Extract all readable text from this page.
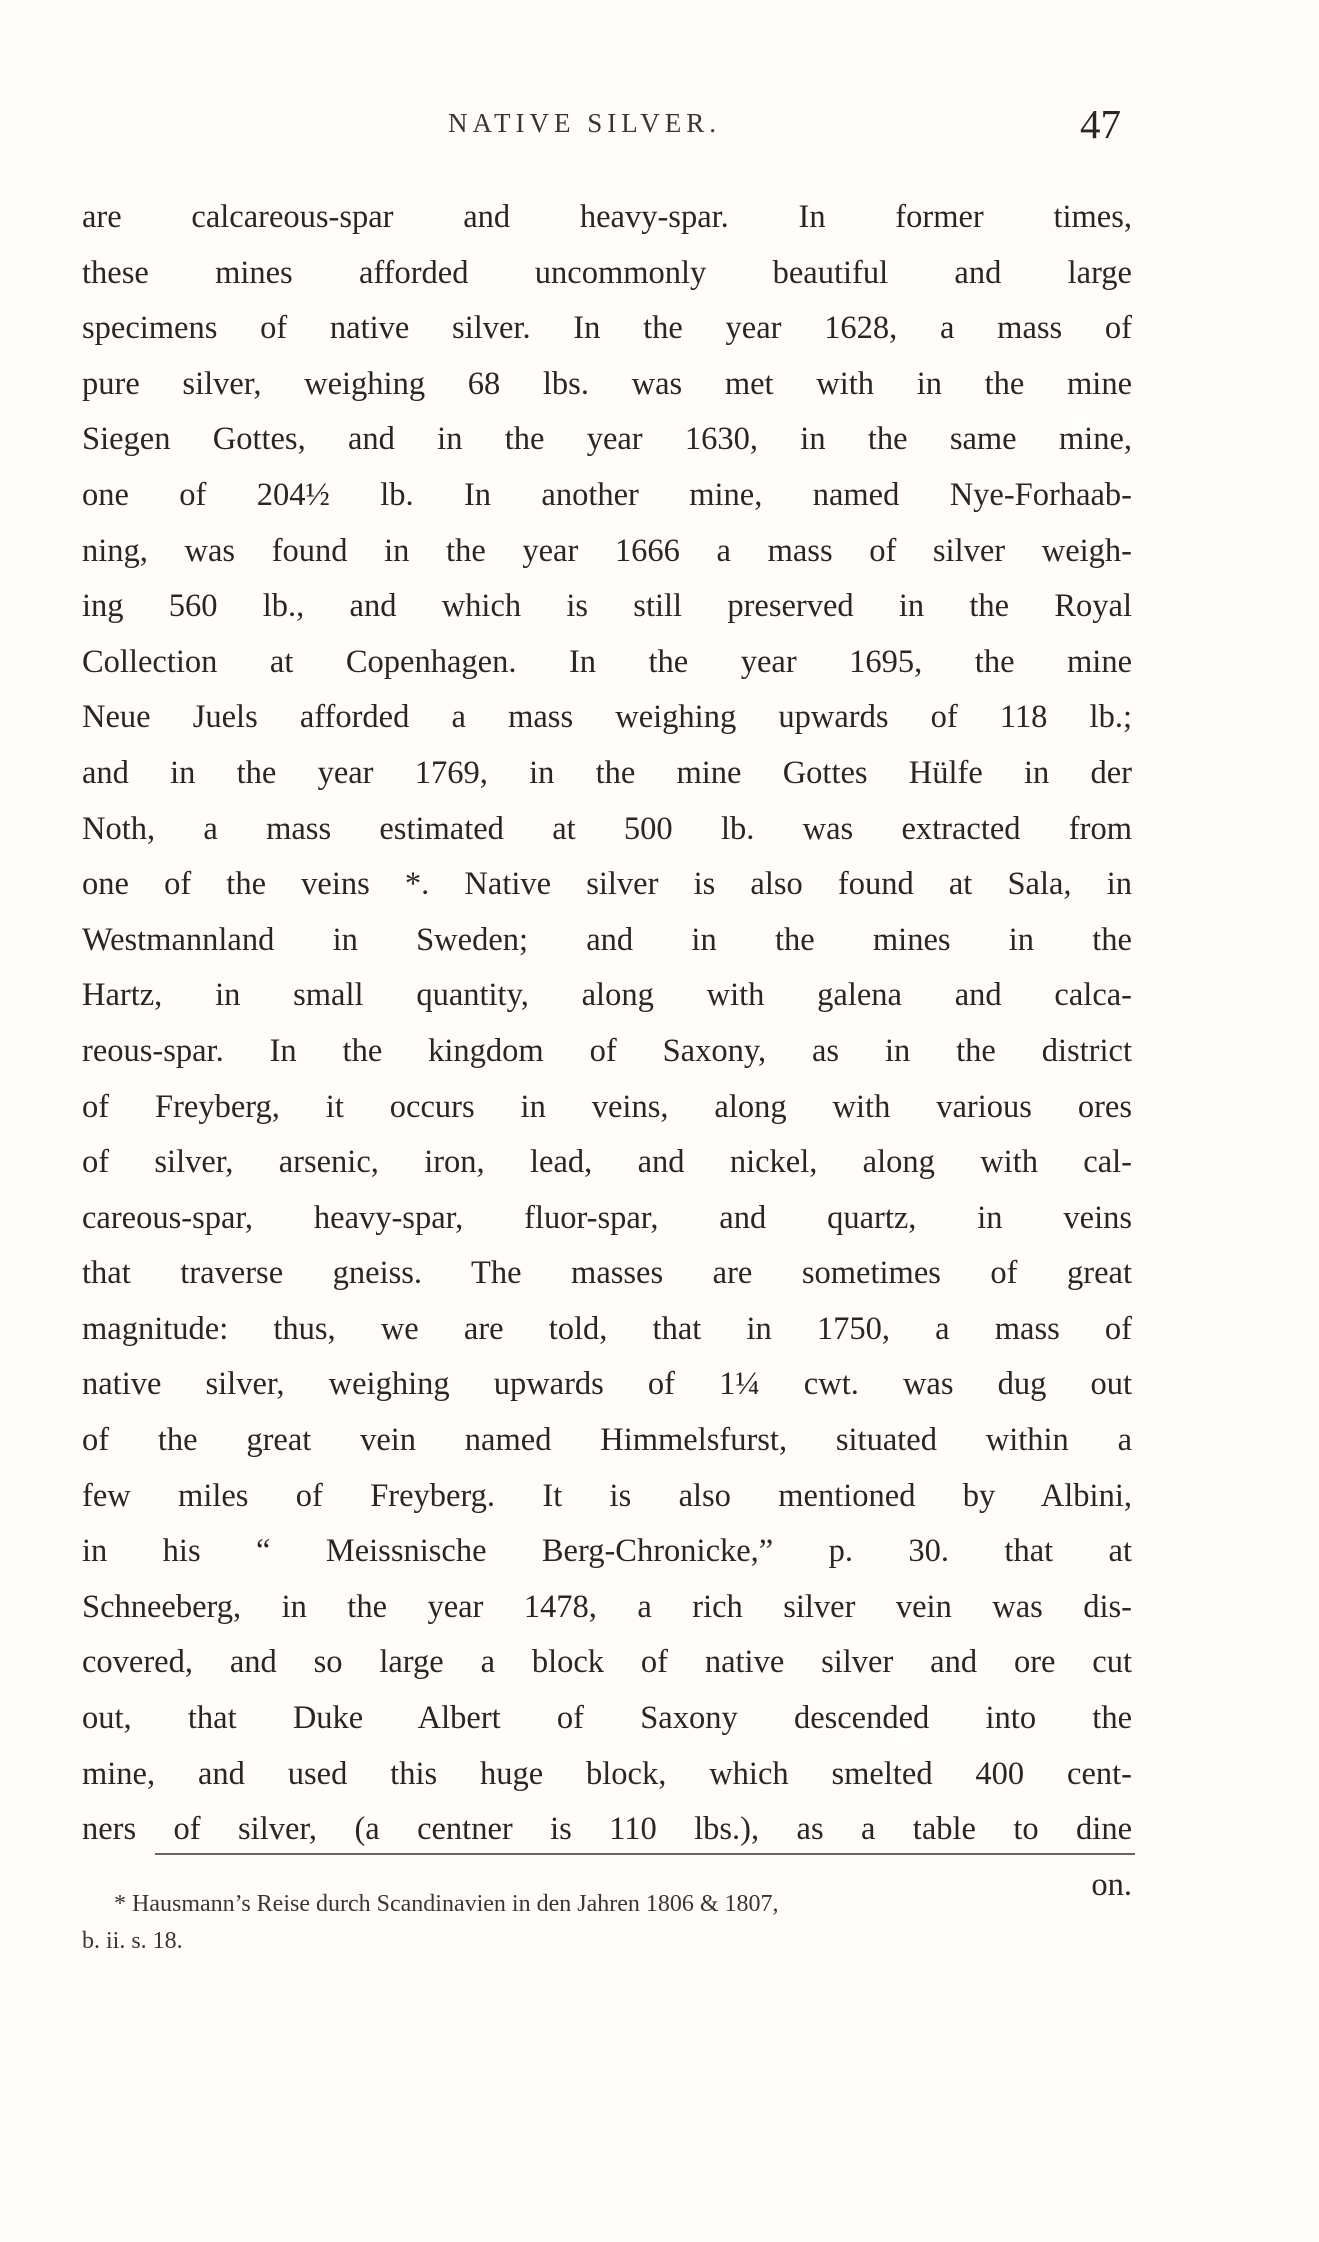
NATIVE SILVER.	47
are calcareous-spar and heavy-spar. In former times,
these mines afforded uncommonly beautiful and large
specimens of native silver. In the year 1628, a mass of
pure silver, weighing 68 lbs. was met with in the mine
Siegen Gottes, and in the year 1630, in the same mine,
one of 204½ lb. In another mine, named Nye-Forhaab-
ning, was found in the year 1666 a mass of silver weigh-
ing 560 lb., and which is still preserved in the Royal
Collection at Copenhagen. In the year 1695, the mine
Neue Juels afforded a mass weighing upwards of 118 lb.;
and in the year 1769, in the mine Gottes Hülfe in der
Noth, a mass estimated at 500 lb. was extracted from
one of the veins *. Native silver is also found at Sala, in
Westmannland in Sweden; and in the mines in the
Hartz, in small quantity, along with galena and calca-
reous-spar. In the kingdom of Saxony, as in the district
of Freyberg, it occurs in veins, along with various ores
of silver, arsenic, iron, lead, and nickel, along with cal-
careous-spar, heavy-spar, fluor-spar, and quartz, in veins
that traverse gneiss. The masses are sometimes of great
magnitude: thus, we are told, that in 1750, a mass of
native silver, weighing upwards of 1¼ cwt. was dug out
of the great vein named Himmelsfurst, situated within a
few miles of Freyberg. It is also mentioned by Albini,
in his “ Meissnische Berg-Chronicke,” p. 30. that at
Schneeberg, in the year 1478, a rich silver vein was dis-
covered, and so large a block of native silver and ore cut
out, that Duke Albert of Saxony descended into the
mine, and used this huge block, which smelted 400 cent-
ners of silver, (a centner is 110 lbs.), as a table to dine
on.
* Hausmann’s Reise durch Scandinavien in den Jahren 1806 & 1807,
b. ii. s. 18.
